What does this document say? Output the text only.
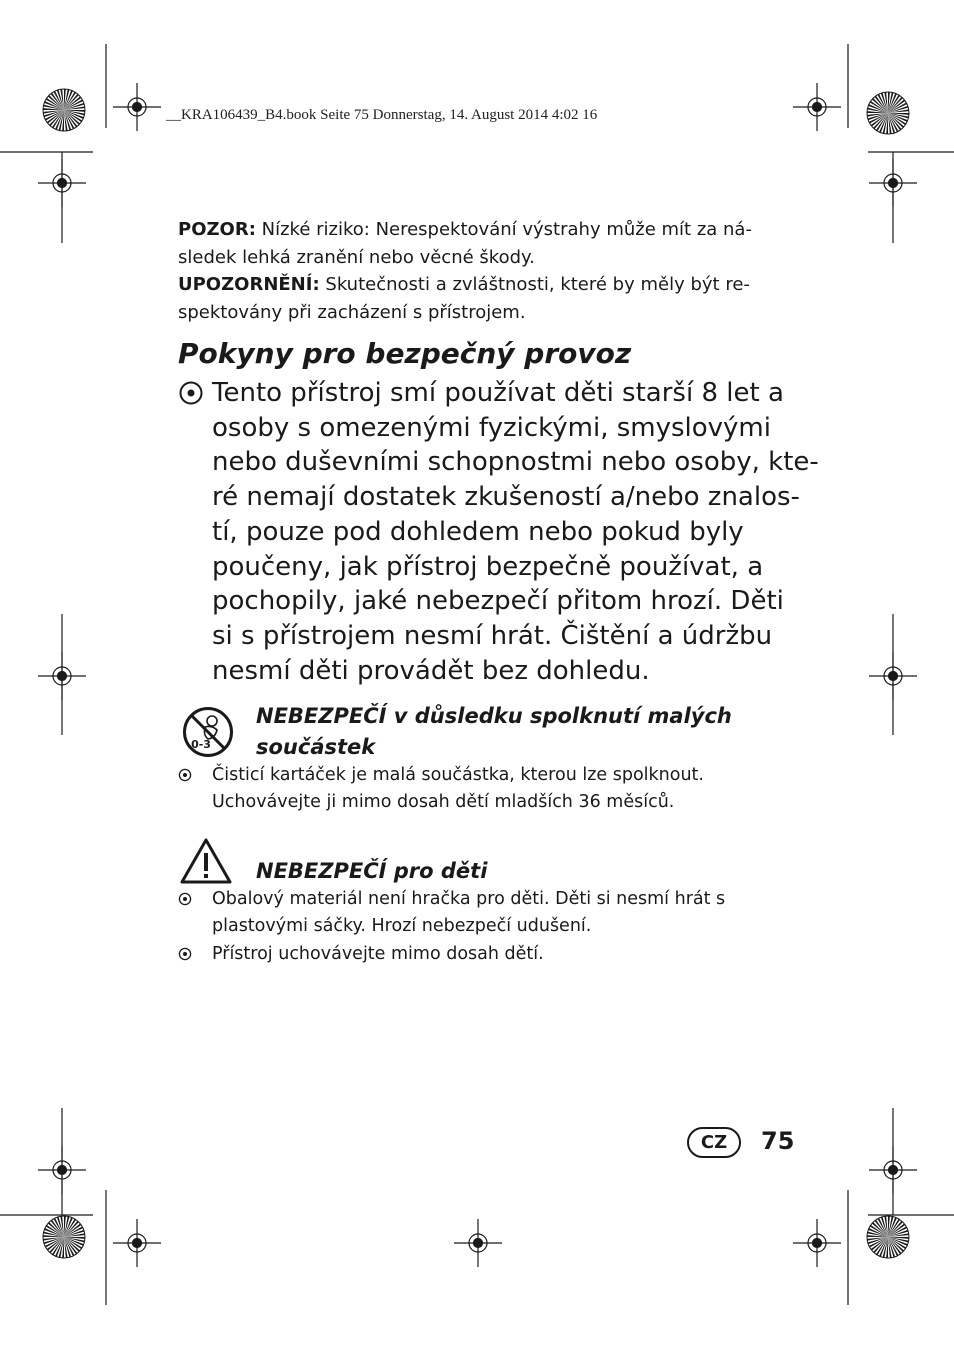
__KRA106439_B4.book Seite 75 Donnerstag, 14. August 2014 4:02 16

POZOR: Nízké riziko: Nerespektování výstrahy může mít za ná-
sledek lehká zranění nebo věcné škody.

UPOZORNĚNÍ: Skutečnosti a zvláštnosti, které by měly být re-
spektovány při zacházení s přístrojem.

Pokyny pro bezpečný provoz
Tento přístroj smí používat děti starší 8 let a
osoby s omezenými fyzickými, smyslovými
nebo duševními schopnostmi nebo osoby, kte-
ré nemají dostatek zkušeností a/nebo znalos-
tí, pouze pod dohledem nebo pokud byly
poučeny, jak přístroj bezpečně používat, a
pochopily, jaké nebezpečí přitom hrozí. Děti
si s přístrojem nesmí hrát. Čištění a údržbu
nesmí děti provádět bez dohledu.
0-3
NEBEZPEČÍ v důsledku spolknutí malých
součástek
Čisticí kartáček je malá součástka, kterou lze spolknout.
Uchovávejte ji mimo dosah dětí mladších 36 měsíců.
NEBEZPEČÍ pro děti
Obalový materiál není hračka pro děti. Děti si nesmí hrát s
plastovými sáčky. Hrozí nebezpečí udušení.
Přístroj uchovávejte mimo dosah dětí.
CZ	75
